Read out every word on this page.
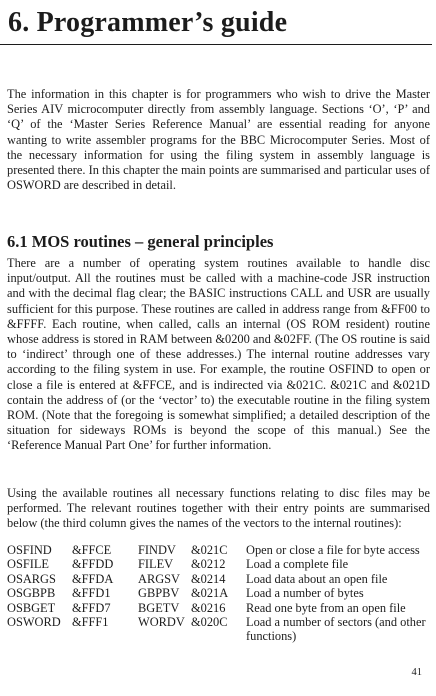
6. Programmer’s guide

The information in this chapter is for programmers who wish to drive the Master Series AIV microcomputer directly from assembly language. Sections ‘O’, ‘P’ and ‘Q’ of the ‘Master Series Reference Manual’ are essential reading for anyone wanting to write assembler programs for the BBC Microcomputer Series. Most of the necessary information for using the filing system in assembly language is presented there. In this chapter the main points are summarised and particular uses of OSWORD are described in detail.

6.1 MOS routines – general principles

There are a number of operating system routines available to handle disc input/output. All the routines must be called with a machine-code JSR instruction and with the decimal flag clear; the BASIC instructions CALL and USR are usually sufficient for this purpose. These routines are called in address range from &FF00 to &FFFF. Each routine, when called, calls an internal (OS ROM resident) routine whose address is stored in RAM between &0200 and &02FF. (The OS routine is said to ‘indirect’ through one of these addresses.) The internal routine addresses vary according to the filing system in use. For example, the routine OSFIND to open or close a file is entered at &FFCE, and is indirected via &021C. &021C and &021D contain the address of (or the ‘vector’ to) the executable routine in the filing system ROM. (Note that the foregoing is somewhat simplified; a detailed description of the situation for sideways ROMs is beyond the scope of this manual.) See the ‘Reference Manual Part One’ for further information.

Using the available routines all necessary functions relating to disc files may be performed. The relevant routines together with their entry points are summarised below (the third column gives the names of the vectors to the internal routines):

OSFIND	&FFCE	FINDV	&021C	Open or close a file for byte access
OSFILE	&FFDD	FILEV	&0212	Load a complete file
OSARGS	&FFDA	ARGSV	&0214	Load data about an open file
OSGBPB	&FFD1	GBPBV	&021A	Load a number of bytes
OSBGET	&FFD7	BGETV	&0216	Read one byte from an open file
OSWORD	&FFF1	WORDV	&020C	Load a number of sectors (and other functions)

41
